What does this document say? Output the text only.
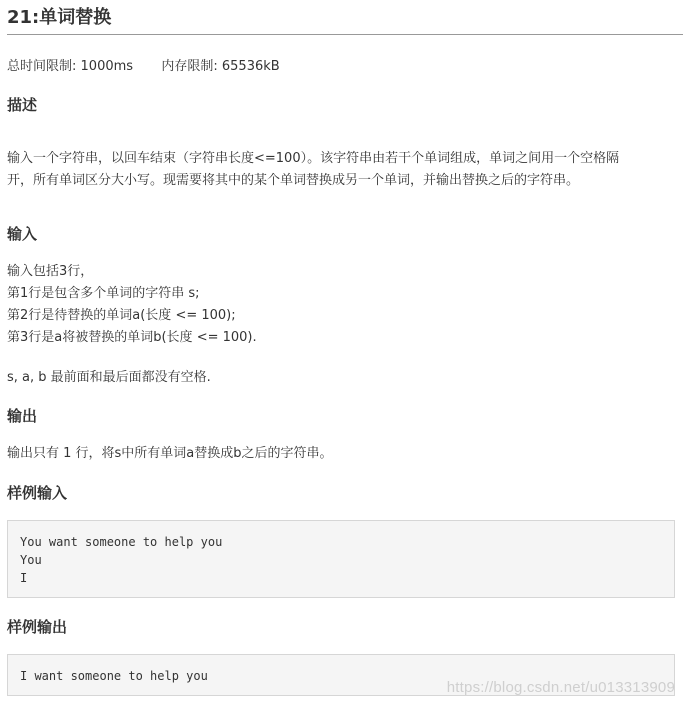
21:单词替换
总时间限制: 1000ms 内存限制: 65536kB
描述
输入一个字符串，以回车结束（字符串长度<=100）。该字符串由若干个单词组成，单词之间用一个空格隔
开，所有单词区分大小写。现需要将其中的某个单词替换成另一个单词，并输出替换之后的字符串。
输入
输入包括3行，
第1行是包含多个单词的字符串 s;
第2行是待替换的单词a(长度 <= 100);
第3行是a将被替换的单词b(长度 <= 100).
s, a, b 最前面和最后面都没有空格.
输出
输出只有 1 行，将s中所有单词a替换成b之后的字符串。
样例输入
You want someone to help you
You
I
样例输出
I want someone to help you
https://blog.csdn.net/u013313909
